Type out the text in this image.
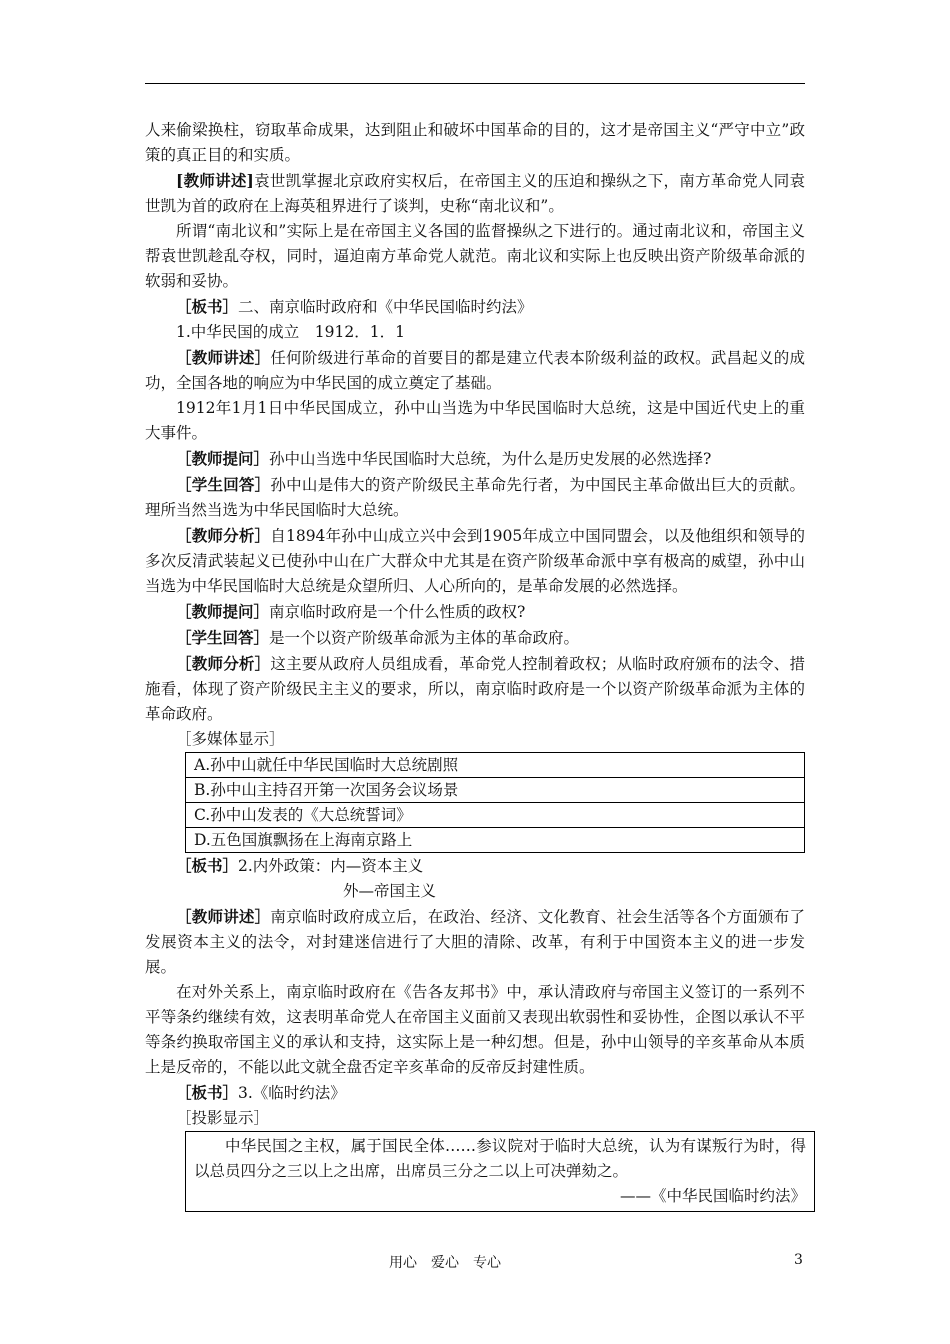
人来偷梁换柱，窃取革命成果，达到阻止和破坏中国革命的目的，这才是帝国主义“严守中立”政策的真正目的和实质。

[教师讲述]袁世凯掌握北京政府实权后，在帝国主义的压迫和操纵之下，南方革命党人同袁世凯为首的政府在上海英租界进行了谈判，史称“南北议和”。

所谓“南北议和”实际上是在帝国主义各国的监督操纵之下进行的。通过南北议和，帝国主义帮袁世凯趁乱夺权，同时，逼迫南方革命党人就范。南北议和实际上也反映出资产阶级革命派的软弱和妥协。

［板书］二、南京临时政府和《中华民国临时约法》

1.中华民国的成立　1912．1．1

［教师讲述］任何阶级进行革命的首要目的都是建立代表本阶级利益的政权。武昌起义的成功，全国各地的响应为中华民国的成立奠定了基础。

1912年1月1日中华民国成立，孙中山当选为中华民国临时大总统，这是中国近代史上的重大事件。

［教师提问］孙中山当选中华民国临时大总统，为什么是历史发展的必然选择?

［学生回答］孙中山是伟大的资产阶级民主革命先行者，为中国民主革命做出巨大的贡献。理所当然当选为中华民国临时大总统。

［教师分析］自1894年孙中山成立兴中会到1905年成立中国同盟会，以及他组织和领导的多次反清武装起义已使孙中山在广大群众中尤其是在资产阶级革命派中享有极高的威望，孙中山当选为中华民国临时大总统是众望所归、人心所向的，是革命发展的必然选择。

［教师提问］南京临时政府是一个什么性质的政权?

［学生回答］是一个以资产阶级革命派为主体的革命政府。

［教师分析］这主要从政府人员组成看，革命党人控制着政权；从临时政府颁布的法令、措施看，体现了资产阶级民主主义的要求，所以，南京临时政府是一个以资产阶级革命派为主体的革命政府。

［多媒体显示］

A.孙中山就任中华民国临时大总统剧照
B.孙中山主持召开第一次国务会议场景
C.孙中山发表的《大总统誓词》
D.五色国旗飘扬在上海南京路上

［板书］2.内外政策：内—资本主义

外—帝国主义

［教师讲述］南京临时政府成立后，在政治、经济、文化教育、社会生活等各个方面颁布了发展资本主义的法令，对封建迷信进行了大胆的清除、改革，有利于中国资本主义的进一步发展。

在对外关系上，南京临时政府在《告各友邦书》中，承认清政府与帝国主义签订的一系列不平等条约继续有效，这表明革命党人在帝国主义面前又表现出软弱性和妥协性，企图以承认不平等条约换取帝国主义的承认和支持，这实际上是一种幻想。但是，孙中山领导的辛亥革命从本质上是反帝的，不能以此文就全盘否定辛亥革命的反帝反封建性质。

［板书］3.《临时约法》

［投影显示］

中华民国之主权，属于国民全体……参议院对于临时大总统，认为有谋叛行为时，得以总员四分之三以上之出席，出席员三分之二以上可决弹劾之。

——《中华民国临时约法》

用心　爱心　专心	3
